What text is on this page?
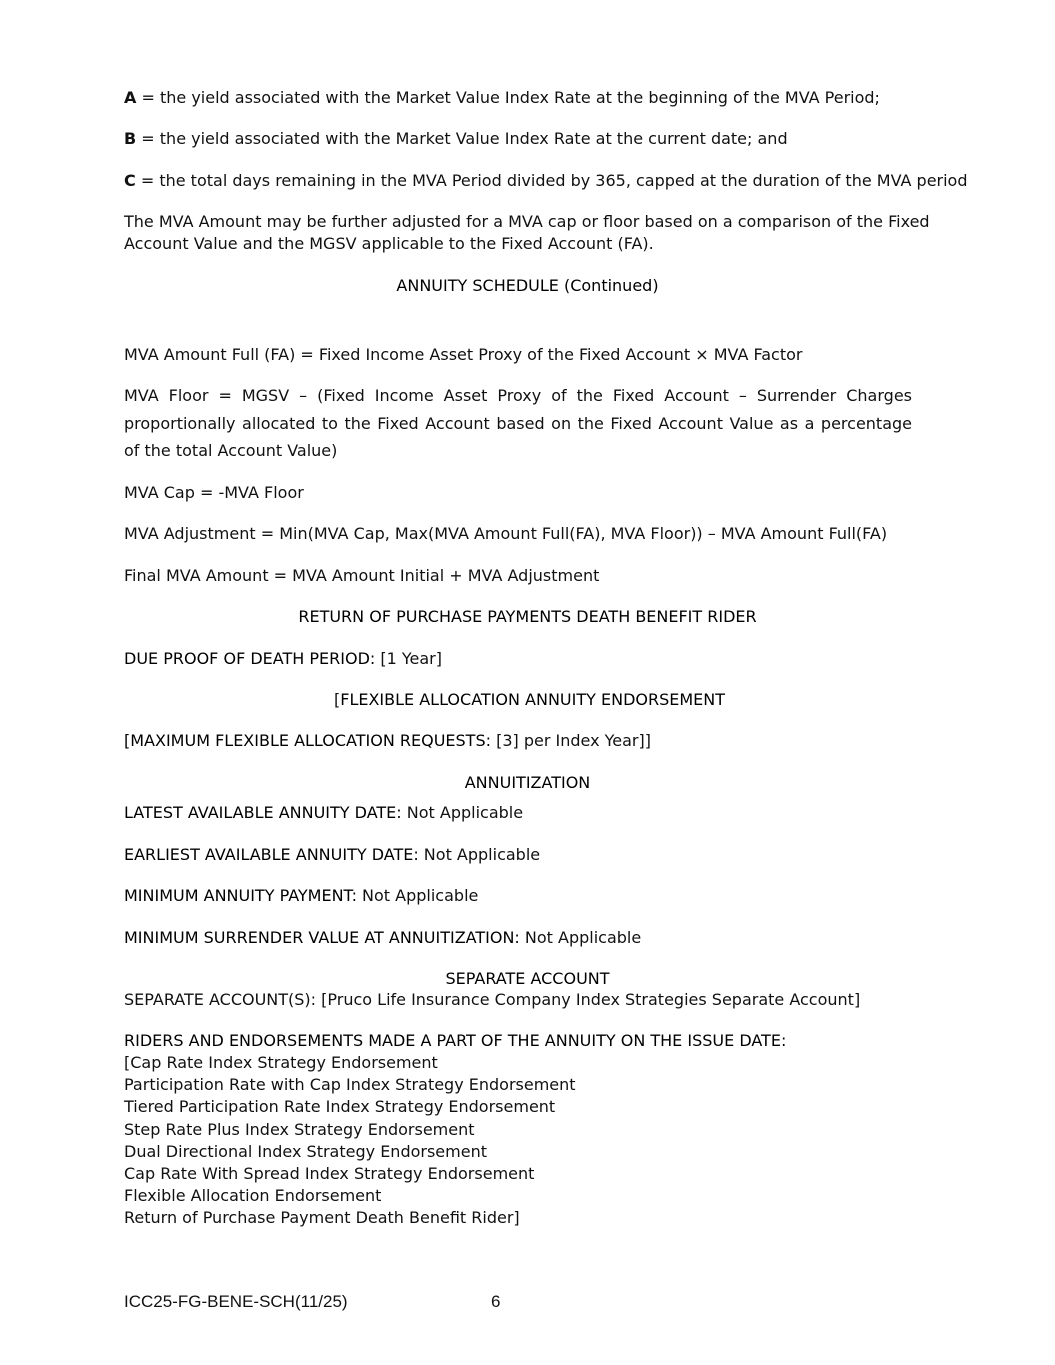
A = the yield associated with the Market Value Index Rate at the beginning of the MVA Period;
B = the yield associated with the Market Value Index Rate at the current date; and
C = the total days remaining in the MVA Period divided by 365, capped at the duration of the MVA period
The MVA Amount may be further adjusted for a MVA cap or floor based on a comparison of the Fixed
Account Value and the MGSV applicable to the Fixed Account (FA).
ANNUITY SCHEDULE (Continued)
MVA Amount Full (FA) = Fixed Income Asset Proxy of the Fixed Account × MVA Factor
MVA Floor = MGSV – (Fixed Income Asset Proxy of the Fixed Account – Surrender Charges proportionally allocated to the Fixed Account based on the Fixed Account Value as a percentage of the total Account Value)
MVA Cap = -MVA Floor
MVA Adjustment = Min(MVA Cap, Max(MVA Amount Full(FA), MVA Floor)) – MVA Amount Full(FA)
Final MVA Amount = MVA Amount Initial + MVA Adjustment
RETURN OF PURCHASE PAYMENTS DEATH BENEFIT RIDER
DUE PROOF OF DEATH PERIOD: [1 Year]
[FLEXIBLE ALLOCATION ANNUITY ENDORSEMENT
[MAXIMUM FLEXIBLE ALLOCATION REQUESTS: [3] per Index Year]]
ANNUITIZATION
LATEST AVAILABLE ANNUITY DATE: Not Applicable
EARLIEST AVAILABLE ANNUITY DATE: Not Applicable
MINIMUM ANNUITY PAYMENT: Not Applicable
MINIMUM SURRENDER VALUE AT ANNUITIZATION: Not Applicable
SEPARATE ACCOUNT
SEPARATE ACCOUNT(S): [Pruco Life Insurance Company Index Strategies Separate Account]
RIDERS AND ENDORSEMENTS MADE A PART OF THE ANNUITY ON THE ISSUE DATE:
[Cap Rate Index Strategy Endorsement
Participation Rate with Cap Index Strategy Endorsement
Tiered Participation Rate Index Strategy Endorsement
Step Rate Plus Index Strategy Endorsement
Dual Directional Index Strategy Endorsement
Cap Rate With Spread Index Strategy Endorsement
Flexible Allocation Endorsement
Return of Purchase Payment Death Benefit Rider]
ICC25-FG-BENE-SCH(11/25)	6
